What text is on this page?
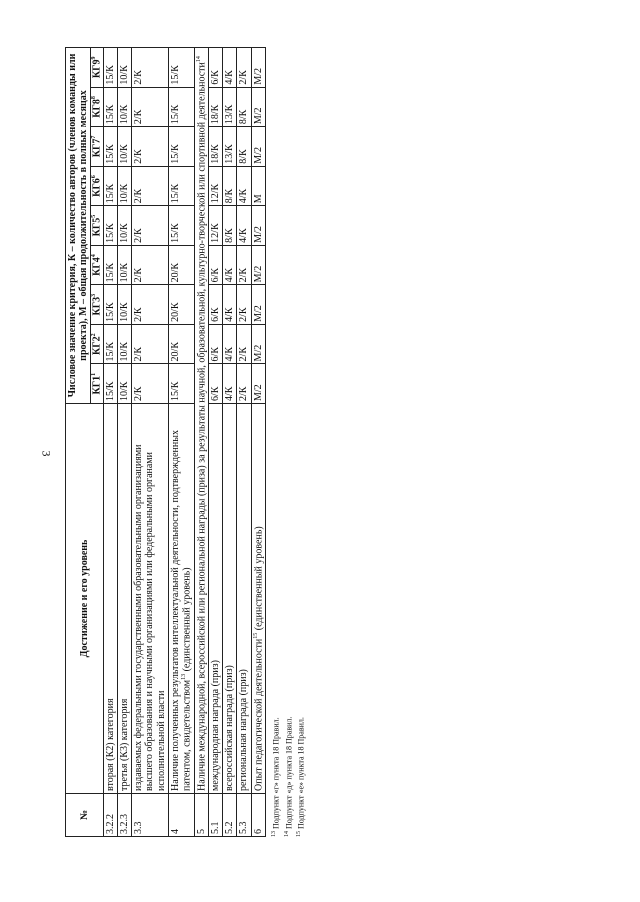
3
№	Достижение и его уровень	Числовое значение критерия, К – количество авторов (членов команды или проекта), М – общая продолжительность в полных месяцах								
		$КГ1^1$	$КГ2^2$	$КГ3^3$	$КГ4^4$	$КГ5^5$	$КГ6^6$	$КГ7^7$	$КГ8^8$	$КГ9^9$
3.2.2	вторая (К2) категория	15/К	15/К	15/К	15/К	15/К	15/К	15/К	15/К	15/К
3.2.3	третья (К3) категория	10/К	10/К	10/К	10/К	10/К	10/К	10/К	10/К	10/К
3.3	издаваемых федеральными государственными образовательными организациями высшего образования и научными организациями или федеральными органами исполнительной власти	2/К	2/К	2/К	2/К	2/К	2/К	2/К	2/К	2/К
4	Наличие полученных результатов интеллектуальной деятельности, подтвержденных патентом, свидетельством$^{13}$ (единственный уровень)	15/К	20/К	20/К	20/К	15/К	15/К	15/К	15/К	15/К
5	Наличие международной, всероссийской или региональной награды (приза) за результаты научной, образовательной, культурно-творческой или спортивной деятельности$^{14}$
5.1	международная награда (приз)	6/К	6/К	6/К	6/К	12/К	12/К	18/К	18/К	6/К
5.2	всероссийская награда (приз)	4/К	4/К	4/К	4/К	8/К	8/К	13/К	13/К	4/К
5.3	региональная награда (приз)	2/К	2/К	2/К	2/К	4/К	4/К	8/К	8/К	2/К
6	Опыт педагогической деятельности$^{15}$ (единственный уровень)	М/2	М/2	М/2	М/2	М/2	М	М/2	М/2	М/2
$^{13}$ Подпункт «г» пункта 18 Правил.
$^{14}$ Подпункт «д» пункта 18 Правил.
$^{15}$ Подпункт «е» пункта 18 Правил.
